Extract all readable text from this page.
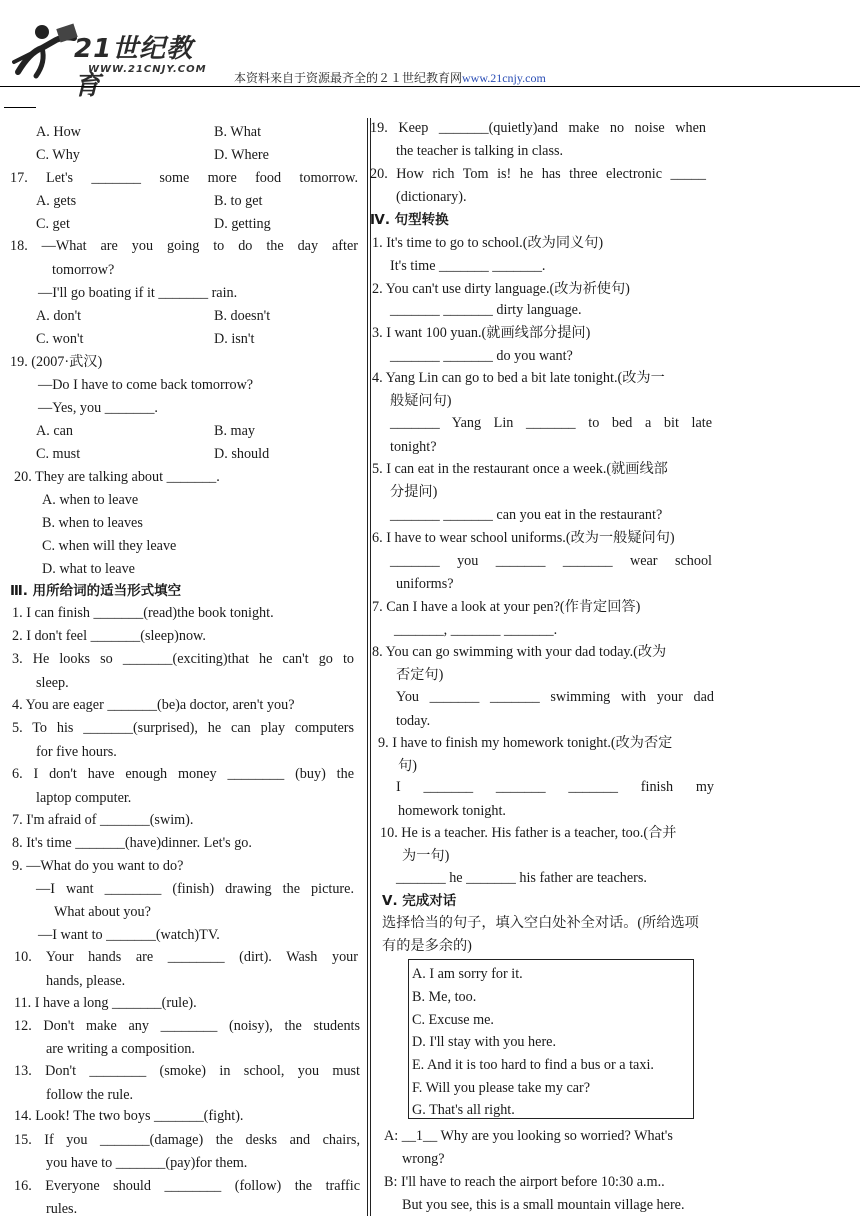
21世纪教育
WWW.21CNJY.COM
本资料来自于资源最齐全的２１世纪教育网www.21cnjy.com
A. How	B. What
C. Why	D. Where
17. Let's _______ some more food tomorrow.
A. gets	B. to get
C. get	D. getting
18. —What are you going to do the day after
tomorrow?
—I'll go boating if it _______ rain.
A. don't	B. doesn't
C. won't	D. isn't
19. (2007·武汉)
—Do I have to come back tomorrow?
—Yes, you _______.
A. can	B. may
C. must	D. should
20. They are talking about _______.
A. when to leave
B. when to leaves
C. when will they leave
D. what to leave
Ⅲ. 用所给词的适当形式填空
1. I can finish _______(read)the book tonight.
2. I don't feel _______(sleep)now.
3. He looks so _______(exciting)that he can't go to
sleep.
4. You are eager _______(be)a doctor, aren't you?
5. To his _______(surprised), he can play computers
for five hours.
6. I don't have enough money ________ (buy) the
laptop computer.
7. I'm afraid of _______(swim).
8. It's time _______(have)dinner. Let's go.
9. —What do you want to do?
—I want ________ (finish) drawing the picture.
What about you?
—I want to _______(watch)TV.
10. Your hands are ________ (dirt). Wash your
hands, please.
11. I have a long _______(rule).
12. Don't make any ________ (noisy), the students
are writing a composition.
13. Don't ________ (smoke) in school, you must
follow the rule.
14. Look! The two boys _______(fight).
15. If you _______(damage) the desks and chairs,
you have to _______(pay)for them.
16. Everyone should ________ (follow) the traffic
rules.
19. Keep _______(quietly)and make no noise when
the teacher is talking in class.
20. How rich Tom is! he has three electronic _____
(dictionary).
Ⅳ. 句型转换
1. It's time to go to school.(改为同义句)
It's time _______ _______.
2. You can't use dirty language.(改为祈使句)
_______ _______ dirty language.
3. I want 100 yuan.(就画线部分提问)
_______ _______ do you want?
4. Yang Lin can go to bed a bit late tonight.(改为一
般疑问句)
_______ Yang Lin _______ to bed a bit late
tonight?
5. I can eat in the restaurant once a week.(就画线部
分提问)
_______ _______ can you eat in the restaurant?
6. I have to wear school uniforms.(改为一般疑问句)
_______ you _______ _______ wear school
uniforms?
7. Can I have a look at your pen?(作肯定回答)
_______, _______ _______.
8. You can go swimming with your dad today.(改为
否定句)
You _______ _______ swimming with your dad
today.
9. I have to finish my homework tonight.(改为否定
句)
I _______ _______ _______ finish my
homework tonight.
10. He is a teacher. His father is a teacher, too.(合并
为一句)
_______ he _______ his father are teachers.
Ⅴ. 完成对话
选择恰当的句子，填入空白处补全对话。(所给选项
有的是多余的)
A. I am sorry for it.
B. Me, too.
C. Excuse me.
D. I'll stay with you here.
E. And it is too hard to find a bus or a taxi.
F. Will you please take my car?
G. That's all right.
A: __1__ Why are you looking so worried? What's
wrong?
B: I'll have to reach the airport before 10:30 a.m..
But you see, this is a small mountain village here.
